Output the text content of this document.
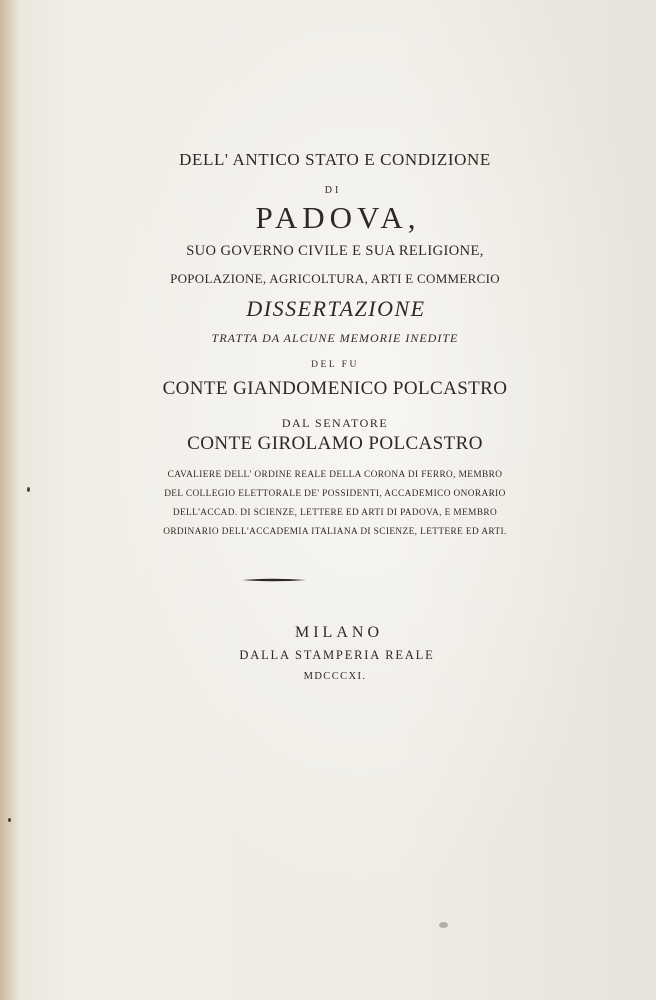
DELL' ANTICO STATO E CONDIZIONE
DI
PADOVA,
SUO GOVERNO CIVILE E SUA RELIGIONE,
POPOLAZIONE, AGRICOLTURA, ARTI E COMMERCIO
DISSERTAZIONE
TRATTA DA ALCUNE MEMORIE INEDITE
DEL FU
CONTE GIANDOMENICO POLCASTRO
DAL SENATORE
CONTE GIROLAMO POLCASTRO
CAVALIERE DELL' ORDINE REALE DELLA CORONA DI FERRO, MEMBRO
DEL COLLEGIO ELETTORALE DE' POSSIDENTI, ACCADEMICO ONORARIO
DELL'ACCAD. DI SCIENZE, LETTERE ED ARTI DI PADOVA, E MEMBRO
ORDINARIO DELL'ACCADEMIA ITALIANA DI SCIENZE, LETTERE ED ARTI.
MILANO
DALLA STAMPERIA REALE
MDCCCXI.
